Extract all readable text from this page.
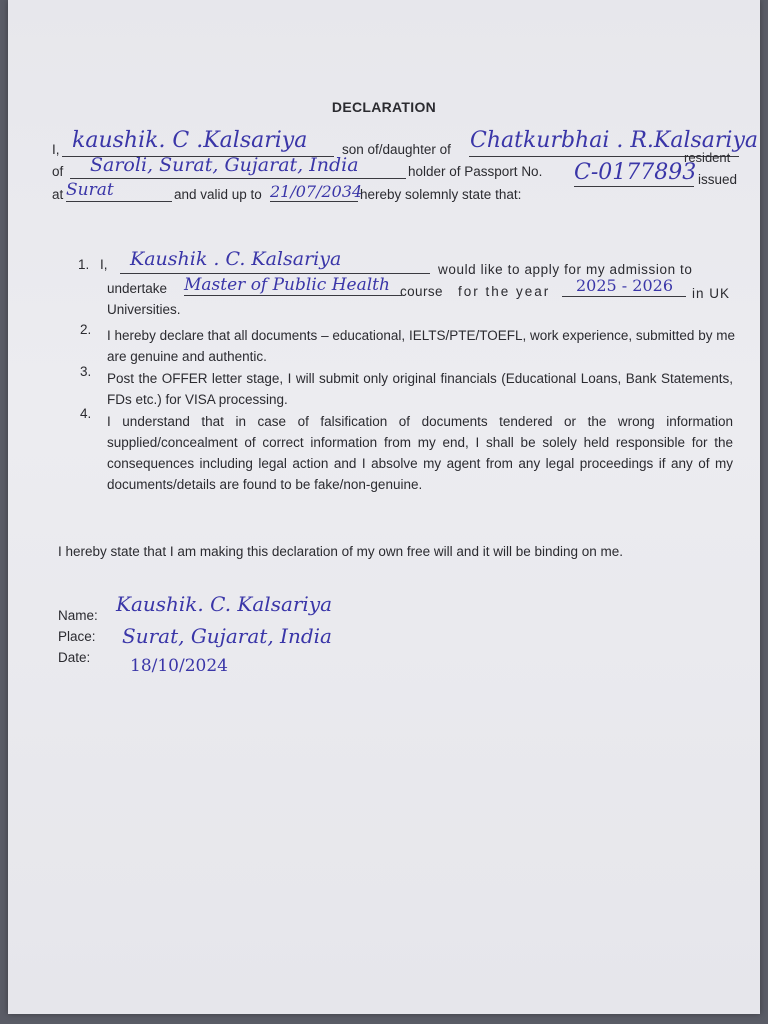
DECLARATION
I, kaushik. C .Kalsariya	son of/daughter of Chatkurbhai . R.Kalsariya
resident
of Saroli, Surat, Gujarat, India	holder of Passport No. C-0177893 issued
at Surat	and valid up to 21/07/2034
hereby solemnly state that:
1. I, Kaushik . C. Kalsariya	would like to apply for my admission to
undertake Master of Public Health course for the year 2025 - 2026 in UK
Universities.
2. I hereby declare that all documents – educational, IELTS/PTE/TOEFL, work experience, submitted by me are genuine and authentic.
3. Post the OFFER letter stage, I will submit only original financials (Educational Loans, Bank Statements, FDs etc.) for VISA processing.
4.
I understand that in case of falsification of documents tendered or the wrong information supplied/concealment of correct information from my end, I shall be solely held responsible for the consequences including legal action and I absolve my agent from any legal proceedings if any of my documents/details are found to be fake/non-genuine.
I hereby state that I am making this declaration of my own free will and it will be binding on me.
Name: Kaushik. C. Kalsariya
Place: Surat, Gujarat, India
Date: 18/10/2024
